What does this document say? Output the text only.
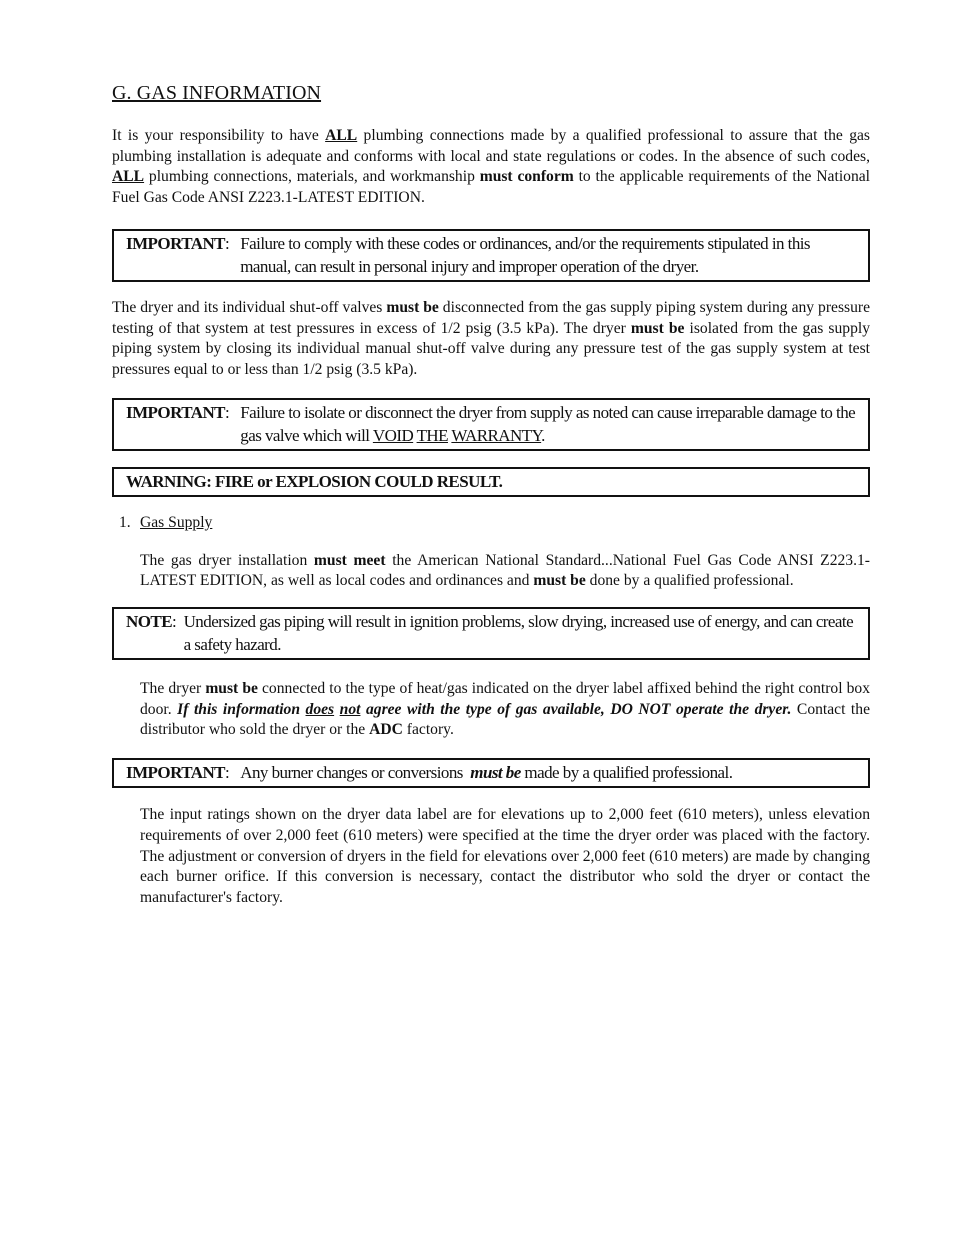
G. GAS INFORMATION

It is your responsibility to have ALL plumbing connections made by a qualified professional to assure that the gas plumbing installation is adequate and conforms with local and state regulations or codes. In the absence of such codes, ALL plumbing connections, materials, and workmanship must conform to the applicable requirements of the National Fuel Gas Code ANSI Z223.1-LATEST EDITION.

IMPORTANT : Failure to comply with these codes or ordinances, and/or the requirements stipulated in this manual, can result in personal injury and improper operation of the dryer.

The dryer and its individual shut-off valves must be disconnected from the gas supply piping system during any pressure testing of that system at test pressures in excess of 1/2 psig (3.5 kPa). The dryer must be isolated from the gas supply piping system by closing its individual manual shut-off valve during any pressure test of the gas supply system at test pressures equal to or less than 1/2 psig (3.5 kPa).

IMPORTANT : Failure to isolate or disconnect the dryer from supply as noted can cause irreparable damage to the gas valve which will VOID THE WARRANTY.
WARNING: FIRE or EXPLOSION COULD RESULT.

1. Gas Supply

The gas dryer installation must meet the American National Standard...National Fuel Gas Code ANSI Z223.1-LATEST EDITION, as well as local codes and ordinances and must be done by a qualified professional.

NOTE : Undersized gas piping will result in ignition problems, slow drying, increased use of energy, and can create a safety hazard.

The dryer must be connected to the type of heat/gas indicated on the dryer label affixed behind the right control box door. If this information does not agree with the type of gas available, DO NOT operate the dryer. Contact the distributor who sold the dryer or the ADC factory.

IMPORTANT : Any burner changes or conversions  must be made by a qualified professional.

The input ratings shown on the dryer data label are for elevations up to 2,000 feet (610 meters), unless elevation requirements of over 2,000 feet (610 meters) were specified at the time the dryer order was placed with the factory. The adjustment or conversion of dryers in the field for elevations over 2,000 feet (610 meters) are made by changing each burner orifice. If this conversion is necessary, contact the distributor who sold the dryer or contact the manufacturer's factory.
